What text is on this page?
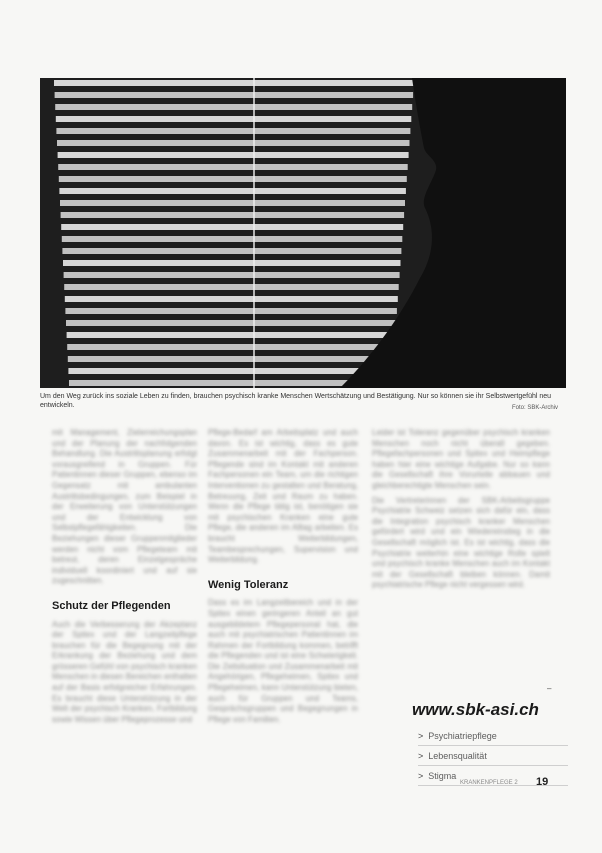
Um den Weg zurück ins soziale Leben zu finden, brauchen psychisch kranke Menschen Wertschätzung und Bestätigung. Nur so können sie ihr Selbstwertgefühl neu entwickeln.	Foto: SBK-Archiv

mit Management, Zielerreichungsplan und der Planung der nachfolgenden Behandlung. Die Austrittsplanung erfolgt vorausgreifend in Gruppen. Für Patientinnen dieser Gruppen, ebenso im Gegensatz mit ambulanten Austrittsbedingungen, zum Beispiel in der Erweiterung von Unterstützungen und der Entwicklung von Selbstpflegefähigkeiten. Die Beziehungen dieser Gruppenmitglieder werden nicht vom Pflegeteam mit betreut, deren Einzelgespräche individuell koordiniert und auf sie zugeschnitten.

Schutz der Pflegenden

Auch die Verbesserung der Akzeptanz der Spitex und der Langzeitpflege brauchen für die Begegnung mit der Erkrankung der Beziehung und dem grösseren Gefühl von psychisch kranken Menschen in diesen Bereichen enthalten auf der Basis erfolgreicher Erfahrungen. Es braucht diese Unterstützung in der Welt der psychisch Kranken, Fortbildung sowie Wissen über Pflegeprozesse und

Pflege-Bedarf am Arbeitsplatz und auch davon. Es ist wichtig, dass es gute Zusammenarbeit mit der Fachperson. Pflegende sind im Kontakt mit anderen Fachpersonen ein Team, um die richtigen Interventionen zu gestalten und Beratung, Betreuung, Zeit und Raum zu haben. Wenn die Pflege tätig ist, benötigen sie mit psychischen Kranken eine gute Pflege, die anderen im Alltag arbeiten. Es braucht Weiterbildungen, Teambesprechungen, Supervision und Weiterbildung.

Wenig Toleranz

Dass es im Langzeitbereich und in der Spitex einen geringeren Anteil an gut ausgebildetem Pflegepersonal hat, die auch mit psychiatrischen Patientinnen im Rahmen der Fortbildung kommen, betrifft die Pflegenden und ist eine Schwierigkeit. Die Zeitsituation und Zusammenarbeit mit Angehörigen, Pflegeheimen, Spitex und Pflegeheimen, kann Unterstützung bieten, auch für Gruppen und Teams, Gesprächsgruppen und Begegnungen in Pflege von Familien.

Leider ist Toleranz gegenüber psychisch kranken Menschen noch nicht überall gegeben. Pflegefachpersonen und Spitex und Heimpflege haben hier eine wichtige Aufgabe. Nur so kann die Gesellschaft ihre Vorurteile abbauen und gleichberechtigte Menschen sein.

Die Vertreterinnen der SBK-Arbeitsgruppe Psychiatrie Schweiz setzen sich dafür ein, dass die Integration psychisch kranker Menschen gefördert wird und ein Wiedereinstieg in die Gesellschaft möglich ist. Es ist wichtig, dass die Psychiatrie weiterhin eine wichtige Rolle spielt und psychisch kranke Menschen auch im Kontakt mit der Gesellschaft bleiben können. Damit psychiatrische Pflege nicht vergessen wird.

–
www.sbk-asi.ch
> Psychiatriepflege
> Lebensqualität
> Stigma
KRANKENPFLEGE 2 19
